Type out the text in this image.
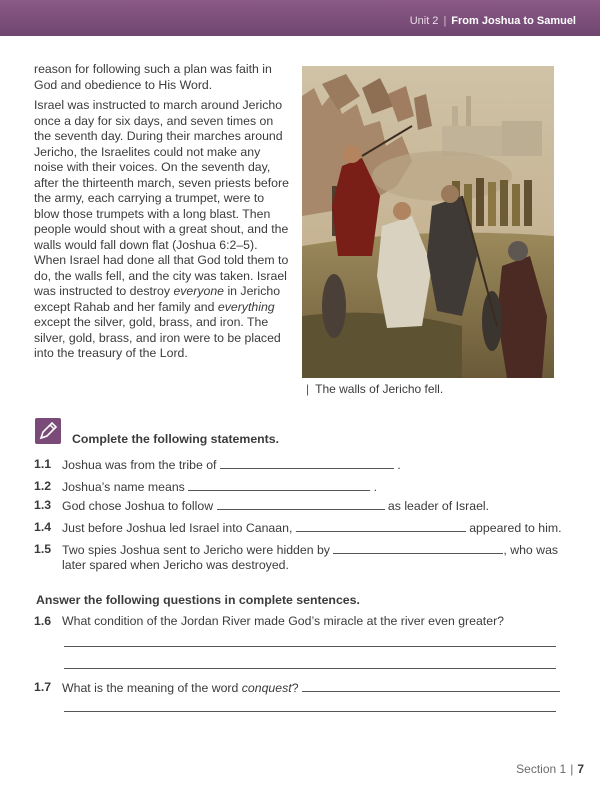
Unit 2 | From Joshua to Samuel

reason for following such a plan was faith in God and obedience to His Word.

Israel was instructed to march around Jericho once a day for six days, and seven times on the seventh day. During their marches around Jericho, the Israelites could not make any noise with their voices. On the seventh day, after the thirteenth march, seven priests before the army, each carrying a trumpet, were to blow those trumpets with a long blast. Then people would shout with a great shout, and the walls would fall down flat (Joshua 6:2–5). When Israel had done all that God told them to do, the walls fell, and the city was taken. Israel was instructed to destroy everyone in Jericho except Rahab and her family and everything except the silver, gold, brass, and iron. The silver, gold, brass, and iron were to be placed into the treasury of the Lord.

| The walls of Jericho fell.
Complete the following statements.
1.1 Joshua was from the tribe of	.
1.2 Joshua’s name means	.
1.3 God chose Joshua to follow	as leader of Israel.
1.4 Just before Joshua led Israel into Canaan,	appeared to him.
1.5 Two spies Joshua sent to Jericho were hidden by	, who was
later spared when Jericho was destroyed.
Answer the following questions in complete sentences.
1.6 What condition of the Jordan River made God’s miracle at the river even greater?
1.7 What is the meaning of the word conquest?
Section 1 | 7
